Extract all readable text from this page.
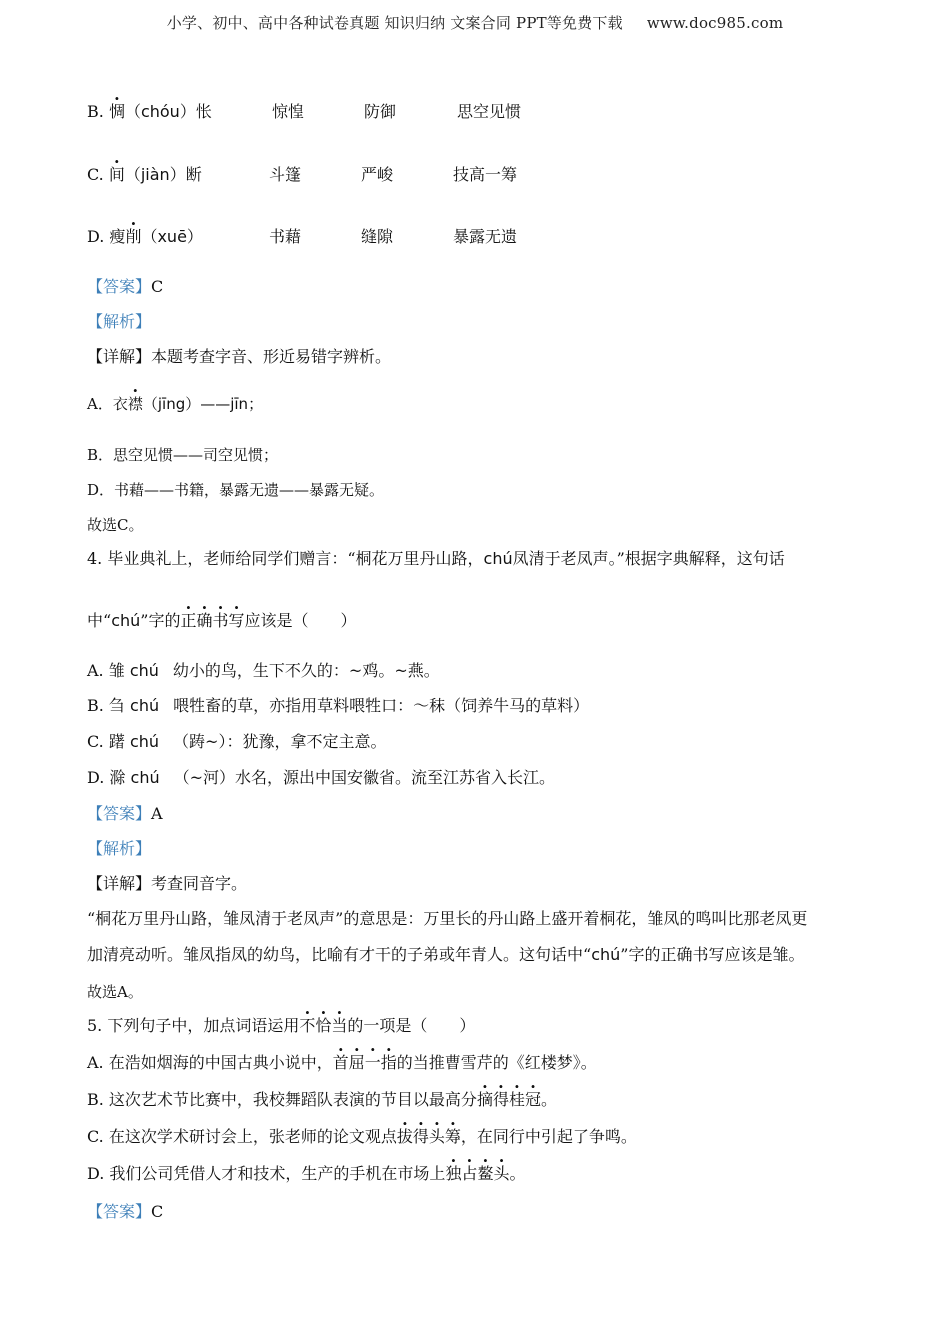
小学、初中、高中各种试卷真题 知识归纳 文案合同 PPT等免费下载 www.doc985.com
B. 惆（chóu）怅	惊惶	防御	思空见惯
C. 间（jiàn）断	斗篷	严峻	技高一筹
D. 瘦削（xuē）	书藉	缝隙	暴露无遗
【答案】C
【解析】
【详解】本题考查字音、形近易错字辨析。
A．衣襟（jīng）——jīn；
B．思空见惯——司空见惯；
D．书藉——书籍，暴露无遗——暴露无疑。
故选C。
4. 毕业典礼上，老师给同学们赠言：“桐花万里丹山路，chú凤清于老凤声。”根据字典解释，这句话
中“chú”字的正确书写应该是（　　）
A. 雏 chú 幼小的鸟，生下不久的：~鸡。~燕。
B. 刍 chú 喂牲畜的草，亦指用草料喂牲口：～秣（饲养牛马的草料）
C. 躇 chú （踌~）：犹豫，拿不定主意。
D. 滁 chú （~河）水名，源出中国安徽省。流至江苏省入长江。
【答案】A
【解析】
【详解】考查同音字。
“桐花万里丹山路，雏凤清于老凤声”的意思是：万里长的丹山路上盛开着桐花，雏凤的鸣叫比那老凤更
加清亮动听。雏凤指凤的幼鸟，比喻有才干的子弟或年青人。这句话中“chú”字的正确书写应该是雏。
故选A。
5. 下列句子中，加点词语运用不恰当的一项是（　　）
A. 在浩如烟海的中国古典小说中，首屈一指的当推曹雪芹的《红楼梦》。
B. 这次艺术节比赛中，我校舞蹈队表演的节目以最高分摘得桂冠。
C. 在这次学术研讨会上，张老师的论文观点拔得头筹，在同行中引起了争鸣。
D. 我们公司凭借人才和技术，生产的手机在市场上独占鳌头。
【答案】C
